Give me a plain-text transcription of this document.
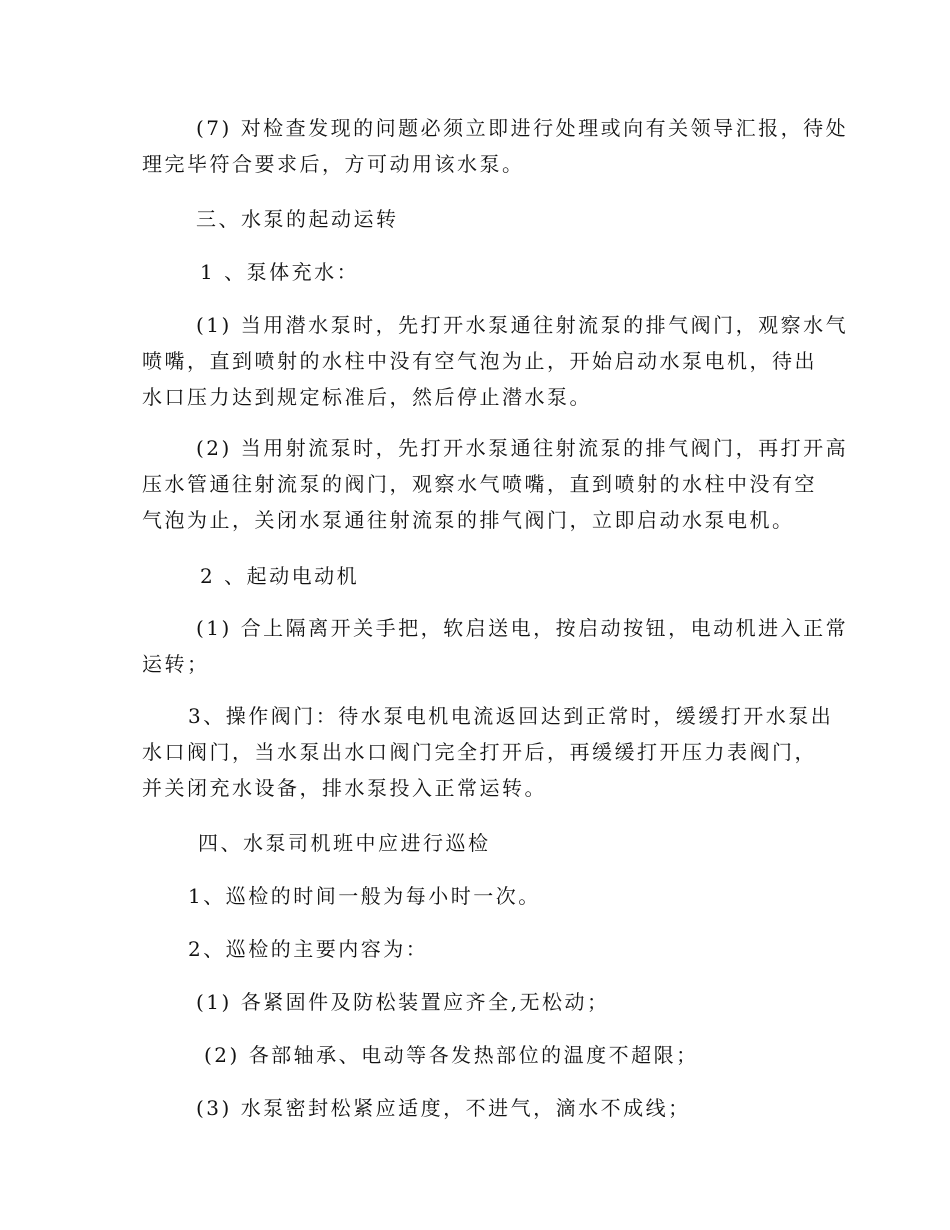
(7) 对检查发现的问题必须立即进行处理或向有关领导汇报，待处

理完毕符合要求后，方可动用该水泵。

三、水泵的起动运转

1 、泵体充水：

(1) 当用潜水泵时，先打开水泵通往射流泵的排气阀门，观察水气

喷嘴，直到喷射的水柱中没有空气泡为止，开始启动水泵电机，待出

水口压力达到规定标准后，然后停止潜水泵。

(2) 当用射流泵时，先打开水泵通往射流泵的排气阀门，再打开高

压水管通往射流泵的阀门，观察水气喷嘴，直到喷射的水柱中没有空

气泡为止，关闭水泵通往射流泵的排气阀门，立即启动水泵电机。

2 、起动电动机

(1) 合上隔离开关手把，软启送电，按启动按钮，电动机进入正常

运转；

3、操作阀门：待水泵电机电流返回达到正常时，缓缓打开水泵出

水口阀门，当水泵出水口阀门完全打开后，再缓缓打开压力表阀门，

并关闭充水设备，排水泵投入正常运转。

四、水泵司机班中应进行巡检

1、巡检的时间一般为每小时一次。

2、巡检的主要内容为：

(1) 各紧固件及防松装置应齐全,无松动；

(2) 各部轴承、电动等各发热部位的温度不超限；

(3) 水泵密封松紧应适度，不进气，滴水不成线；
